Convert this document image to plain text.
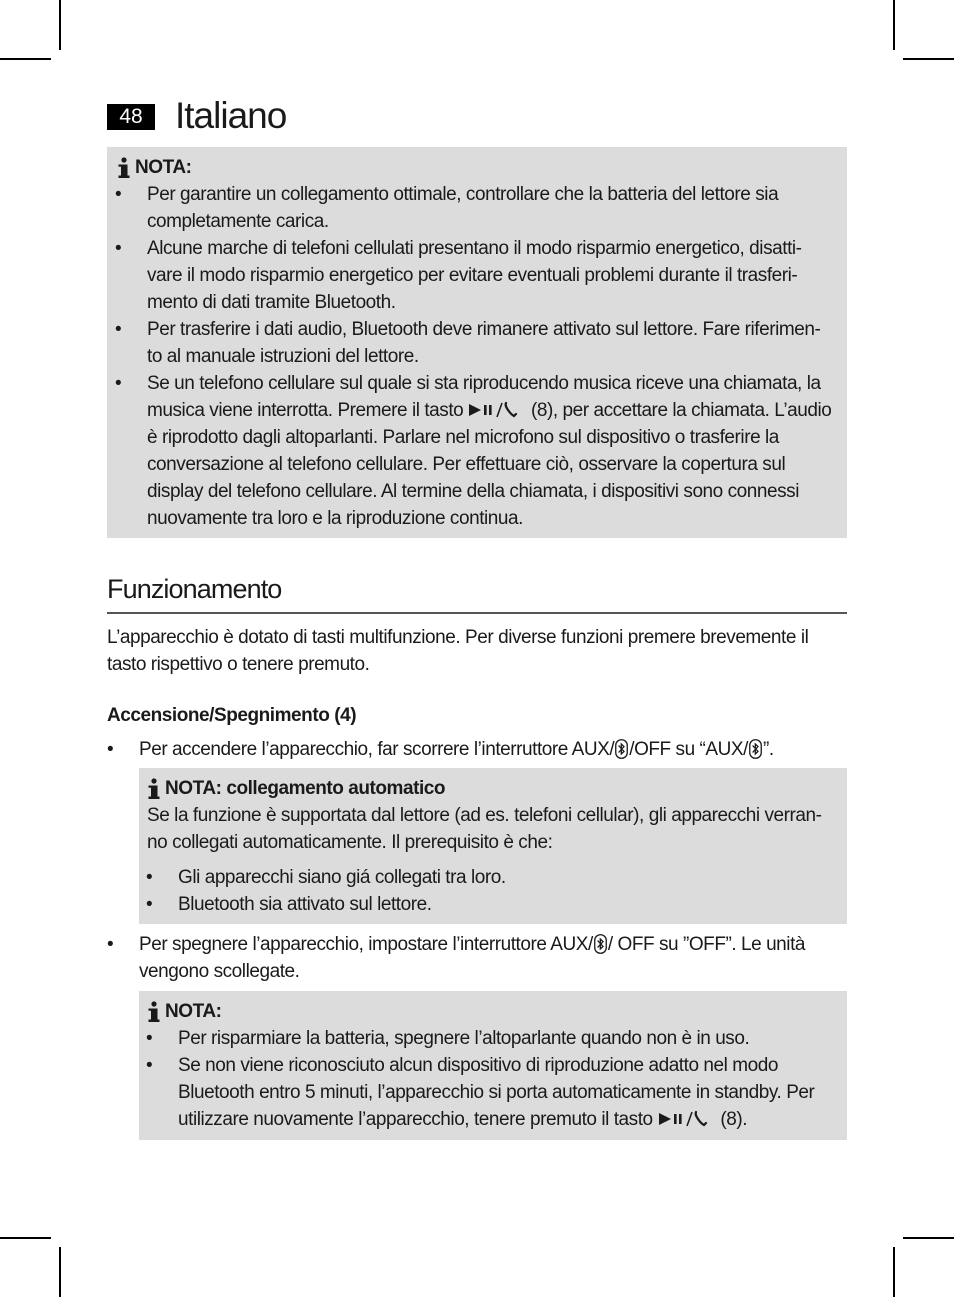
48 Italiano
NOTA:
• Per garantire un collegamento ottimale, controllare che la batteria del lettore sia
completamente carica.
• Alcune marche di telefoni cellulati presentano il modo risparmio energetico, disatti-
vare il modo risparmio energetico per evitare eventuali problemi durante il trasferi-
mento di dati tramite Bluetooth.
• Per trasferire i dati audio, Bluetooth deve rimanere attivato sul lettore. Fare riferimen-
to al manuale istruzioni del lettore.
• Se un telefono cellulare sul quale si sta riproducendo musica riceve una chiamata, la
musica viene interrotta. Premere il tasto	(8), per accettare la chiamata. L’audio
è riprodotto dagli altoparlanti. Parlare nel microfono sul dispositivo o trasferire la
conversazione al telefono cellulare. Per effettuare ciò, osservare la copertura sul
display del telefono cellulare. Al termine della chiamata, i dispositivi sono connessi
nuovamente tra loro e la riproduzione continua.
Funzionamento
L’apparecchio è dotato di tasti multifunzione. Per diverse funzioni premere brevemente il
tasto rispettivo o tenere premuto.
Accensione/Spegnimento (4)
• Per accendere l’apparecchio, far scorrere l’interruttore AUX/ /OFF su “AUX/ ”.
NOTA: collegamento automatico
Se la funzione è supportata dal lettore (ad es. telefoni cellular), gli apparecchi verran-
no collegati automaticamente. Il prerequisito è che:
• Gli apparecchi siano giá collegati tra loro.
• Bluetooth sia attivato sul lettore.
• Per spegnere l’apparecchio, impostare l’interruttore AUX/ / OFF su ”OFF”. Le unità
vengono scollegate.
NOTA:
• Per risparmiare la batteria, spegnere l’altoparlante quando non è in uso.
• Se non viene riconosciuto alcun dispositivo di riproduzione adatto nel modo
Bluetooth entro 5 minuti, l’apparecchio si porta automaticamente in standby. Per
utilizzare nuovamente l’apparecchio, tenere premuto il tasto	(8).
